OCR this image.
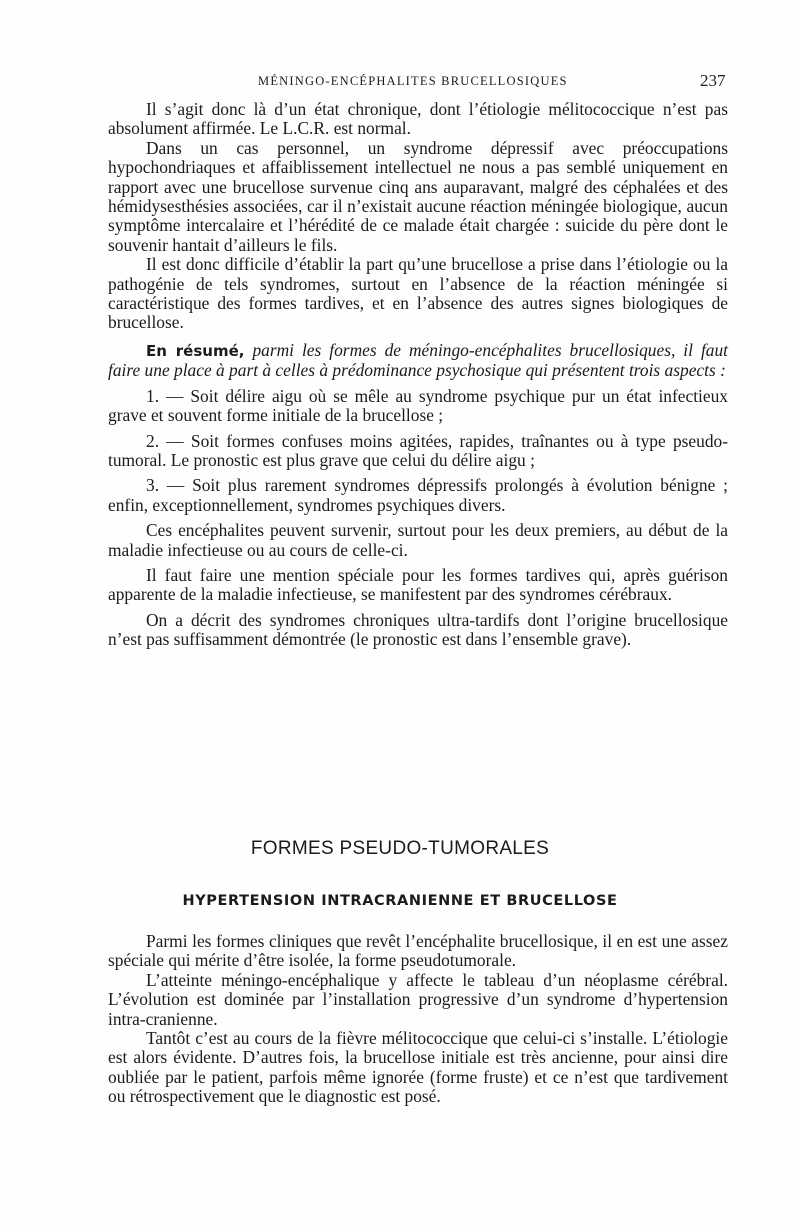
MÉNINGO-ENCÉPHALITES BRUCELLOSIQUES	237

Il s’agit donc là d’un état chronique, dont l’étiologie mélitococcique n’est pas absolument affirmée. Le L.C.R. est normal.

Dans un cas personnel, un syndrome dépressif avec préoccupations hypochondriaques et affaiblissement intellectuel ne nous a pas semblé uniquement en rapport avec une brucellose survenue cinq ans auparavant, malgré des céphalées et des hémidysesthésies associées, car il n’existait aucune réaction méningée biologique, aucun symptôme intercalaire et l’hérédité de ce malade était chargée : suicide du père dont le souvenir hantait d’ailleurs le fils.

Il est donc difficile d’établir la part qu’une brucellose a prise dans l’étiologie ou la pathogénie de tels syndromes, surtout en l’absence de la réaction méningée si caractéristique des formes tardives, et en l’absence des autres signes biologiques de brucellose.

En résumé, parmi les formes de méningo-encéphalites brucellosiques, il faut faire une place à part à celles à prédominance psychosique qui présentent trois aspects :

1. — Soit délire aigu où se mêle au syndrome psychique pur un état infectieux grave et souvent forme initiale de la brucellose ;

2. — Soit formes confuses moins agitées, rapides, traînantes ou à type pseudo-tumoral. Le pronostic est plus grave que celui du délire aigu ;

3. — Soit plus rarement syndromes dépressifs prolongés à évolution bénigne ; enfin, exceptionnellement, syndromes psychiques divers.

Ces encéphalites peuvent survenir, surtout pour les deux premiers, au début de la maladie infectieuse ou au cours de celle-ci.

Il faut faire une mention spéciale pour les formes tardives qui, après guérison apparente de la maladie infectieuse, se manifestent par des syndromes cérébraux.

On a décrit des syndromes chroniques ultra-tardifs dont l’origine brucellosique n’est pas suffisamment démontrée (le pronostic est dans l’ensemble grave).

FORMES PSEUDO-TUMORALES
HYPERTENSION INTRACRANIENNE ET BRUCELLOSE

Parmi les formes cliniques que revêt l’encéphalite brucellosique, il en est une assez spéciale qui mérite d’être isolée, la forme pseudotumorale.

L’atteinte méningo-encéphalique y affecte le tableau d’un néoplasme cérébral. L’évolution est dominée par l’installation progressive d’un syndrome d’hypertension intra-cranienne.

Tantôt c’est au cours de la fièvre mélitococcique que celui-ci s’installe. L’étiologie est alors évidente. D’autres fois, la brucellose initiale est très ancienne, pour ainsi dire oubliée par le patient, parfois même ignorée (forme fruste) et ce n’est que tardivement ou rétrospectivement que le diagnostic est posé.
